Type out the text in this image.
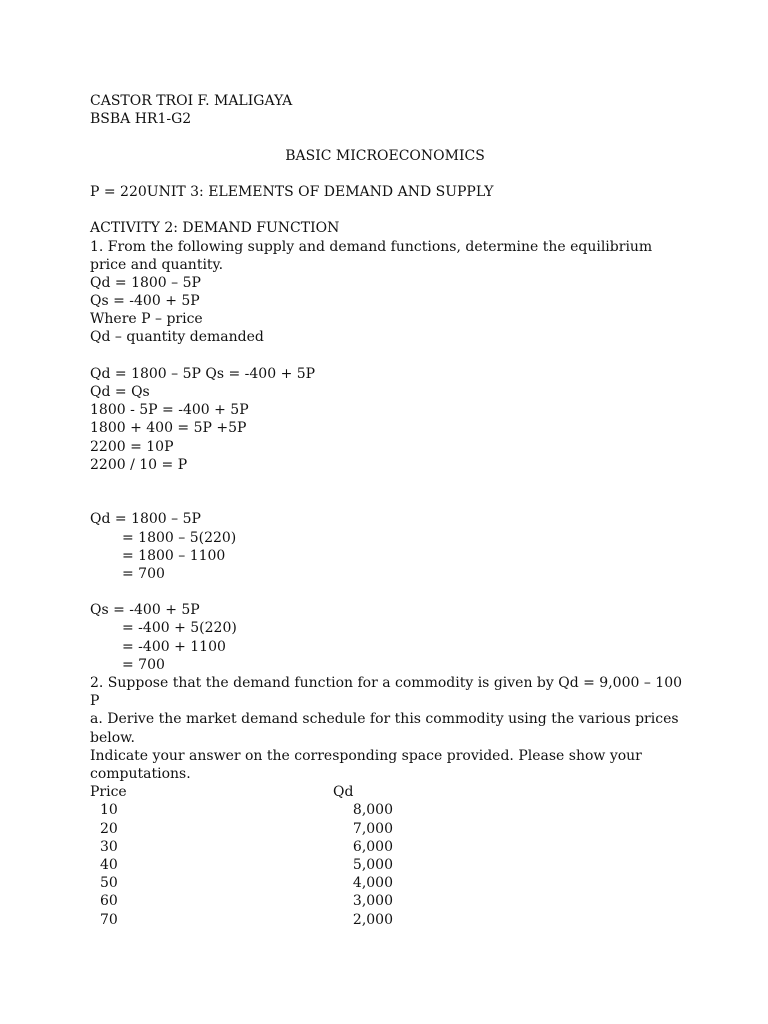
CASTOR TROI F. MALIGAYA
BSBA HR1-G2
BASIC MICROECONOMICS
P = 220UNIT 3: ELEMENTS OF DEMAND AND SUPPLY
ACTIVITY 2: DEMAND FUNCTION
1. From the following supply and demand functions, determine the equilibrium price and quantity.
Qd = 1800 – 5P
Qs = -400 + 5P
Where P – price
Qd – quantity demanded
Qd = 1800 – 5P Qs = -400 + 5P
Qd = Qs
1800 - 5P = -400 + 5P
1800 + 400 = 5P +5P
2200 = 10P
2200 / 10 = P
Qd = 1800 – 5P
= 1800 – 5(220)
= 1800 – 1100
= 700
Qs = -400 + 5P
= -400 + 5(220)
= -400 + 1100
= 700
2. Suppose that the demand function for a commodity is given by Qd = 9,000 – 100 P
a. Derive the market demand schedule for this commodity using the various prices below.
Indicate your answer on the corresponding space provided. Please show your computations.
Price	Qd
10	8,000
20	7,000
30	6,000
40	5,000
50	4,000
60	3,000
70	2,000
